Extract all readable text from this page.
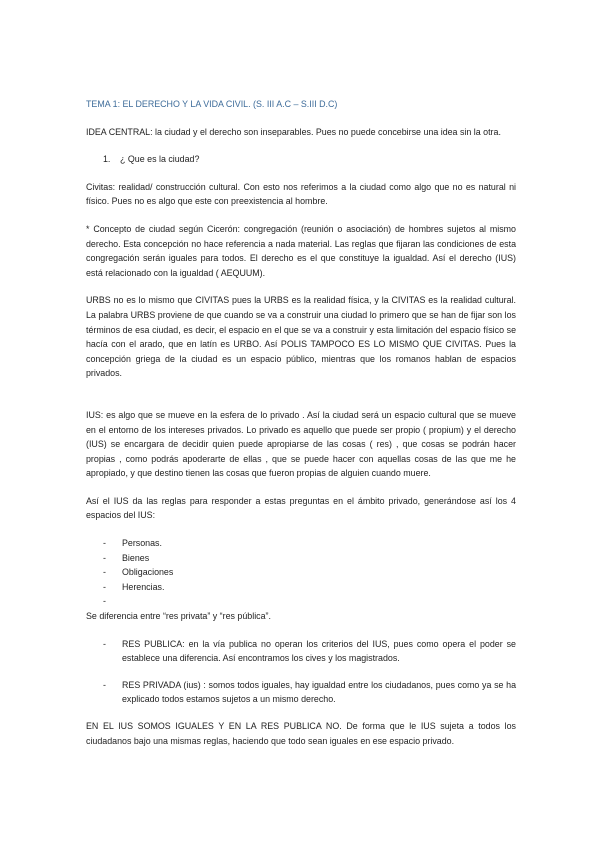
TEMA 1: EL DERECHO Y LA VIDA CIVIL. (S. III A.C – S.III D.C)

IDEA CENTRAL: la ciudad y el derecho son inseparables. Pues no puede concebirse una idea sin la otra.

1.	¿ Que es la ciudad?

Civitas: realidad/ construcción cultural. Con esto nos referimos a la ciudad como algo que no es natural ni físico. Pues no es algo que este con preexistencia al hombre.

* Concepto de ciudad según Cicerón: congregación (reunión o asociación) de hombres sujetos al mismo derecho. Esta concepción no hace referencia a nada material. Las reglas que fijaran las condiciones de esta congregación serán iguales para todos. El derecho es el que constituye la igualdad. Así el derecho (IUS) está relacionado con la igualdad ( AEQUUM).

URBS no es lo mismo que CIVITAS pues la URBS es la realidad física, y la CIVITAS es la realidad cultural. La palabra URBS proviene de que cuando se va a construir una ciudad lo primero que se han de fijar son los términos de esa ciudad, es decir, el espacio en el que se va a construir y esta limitación del espacio físico se hacía con el arado, que en latín es URBO. Así POLIS TAMPOCO ES LO MISMO QUE CIVITAS. Pues la concepción griega de la ciudad es un espacio público, mientras que los romanos hablan de espacios privados.

IUS: es algo que se mueve en la esfera de lo privado . Así la ciudad será un espacio cultural que se mueve en el entorno de los intereses privados. Lo privado es aquello que puede ser propio ( propium) y el derecho (IUS) se encargara de decidir quien puede apropiarse de las cosas ( res) , que cosas se podrán hacer propias , como podrás apoderarte de ellas , que se puede hacer con aquellas cosas de las que me he apropiado, y que destino tienen las cosas que fueron propias de alguien cuando muere.

Así el IUS da las reglas para responder a estas preguntas en el ámbito privado, generándose así los 4 espacios del IUS:

-	Personas.
-	Bienes
-	Obligaciones
-	Herencias.
-

Se diferencia entre “res privata” y “res pública”.

-	RES PUBLICA: en la vía publica no operan los criterios del IUS, pues como opera el poder se establece una diferencia. Así encontramos los cives y los magistrados.
-	RES PRIVADA (ius) : somos todos iguales, hay igualdad entre los ciudadanos, pues como ya se ha explicado todos estamos sujetos a un mismo derecho.

EN EL IUS SOMOS IGUALES Y EN LA RES PUBLICA NO. De forma que le IUS sujeta a todos los ciudadanos bajo una mismas reglas, haciendo que todo sean iguales en ese espacio privado.
